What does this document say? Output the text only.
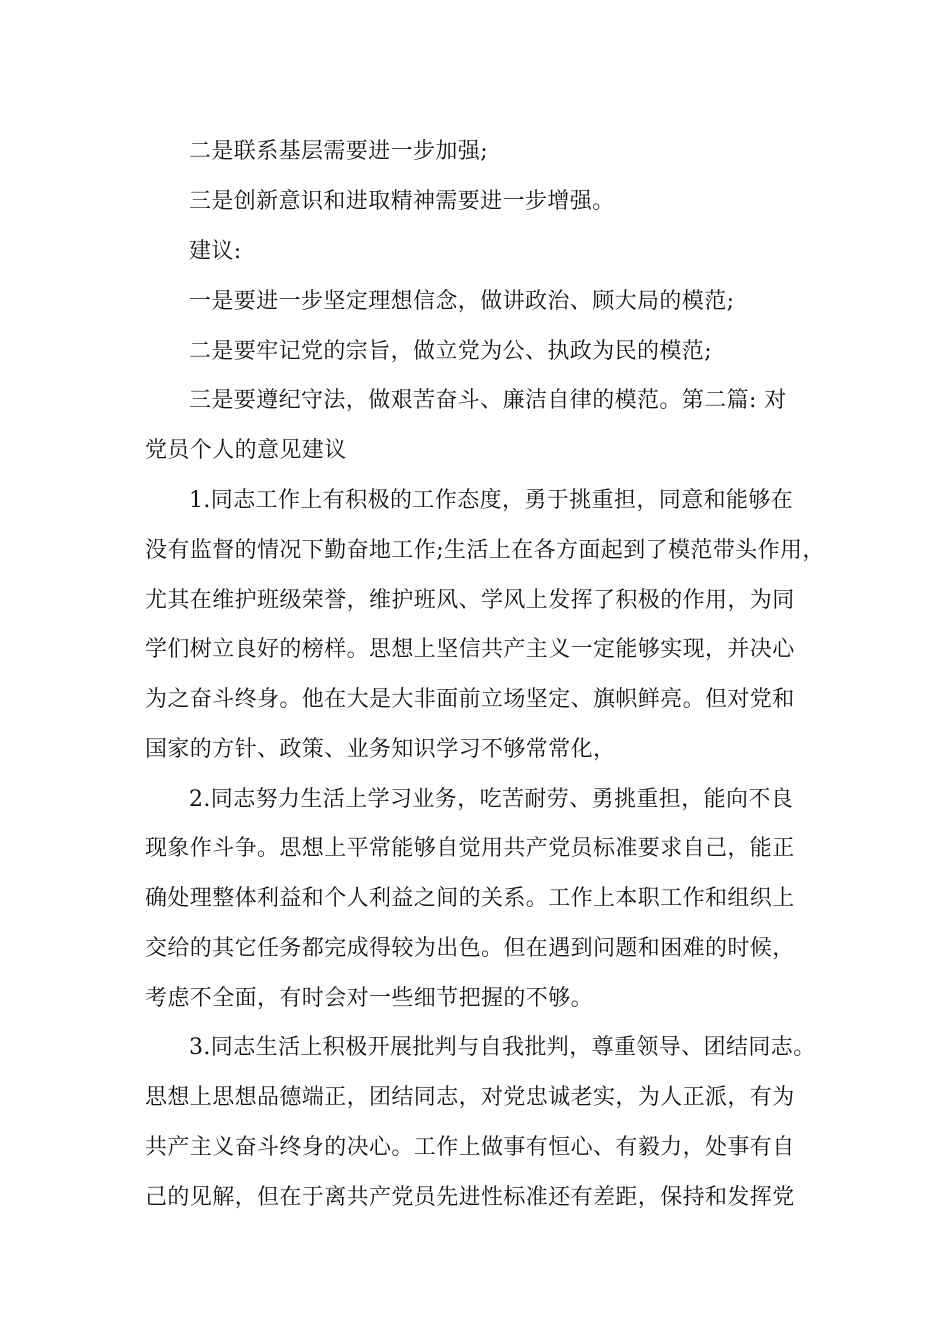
二是联系基层需要进一步加强;
三是创新意识和进取精神需要进一步增强。
建议:
一是要进一步坚定理想信念，做讲政治、顾大局的模范;
二是要牢记党的宗旨，做立党为公、执政为民的模范;
三是要遵纪守法，做艰苦奋斗、廉洁自律的模范。第二篇: 对
党员个人的意见建议
1.同志工作上有积极的工作态度，勇于挑重担，同意和能够在
没有监督的情况下勤奋地工作;生活上在各方面起到了模范带头作用，
尤其在维护班级荣誉，维护班风、学风上发挥了积极的作用，为同
学们树立良好的榜样。思想上坚信共产主义一定能够实现，并决心
为之奋斗终身。他在大是大非面前立场坚定、旗帜鲜亮。但对党和
国家的方针、政策、业务知识学习不够常常化，
2.同志努力生活上学习业务，吃苦耐劳、勇挑重担，能向不良
现象作斗争。思想上平常能够自觉用共产党员标准要求自己，能正
确处理整体利益和个人利益之间的关系。工作上本职工作和组织上
交给的其它任务都完成得较为出色。但在遇到问题和困难的时候，
考虑不全面，有时会对一些细节把握的不够。
3.同志生活上积极开展批判与自我批判，尊重领导、团结同志。
思想上思想品德端正，团结同志，对党忠诚老实，为人正派，有为
共产主义奋斗终身的决心。工作上做事有恒心、有毅力，处事有自
己的见解，但在于离共产党员先进性标准还有差距，保持和发挥党
